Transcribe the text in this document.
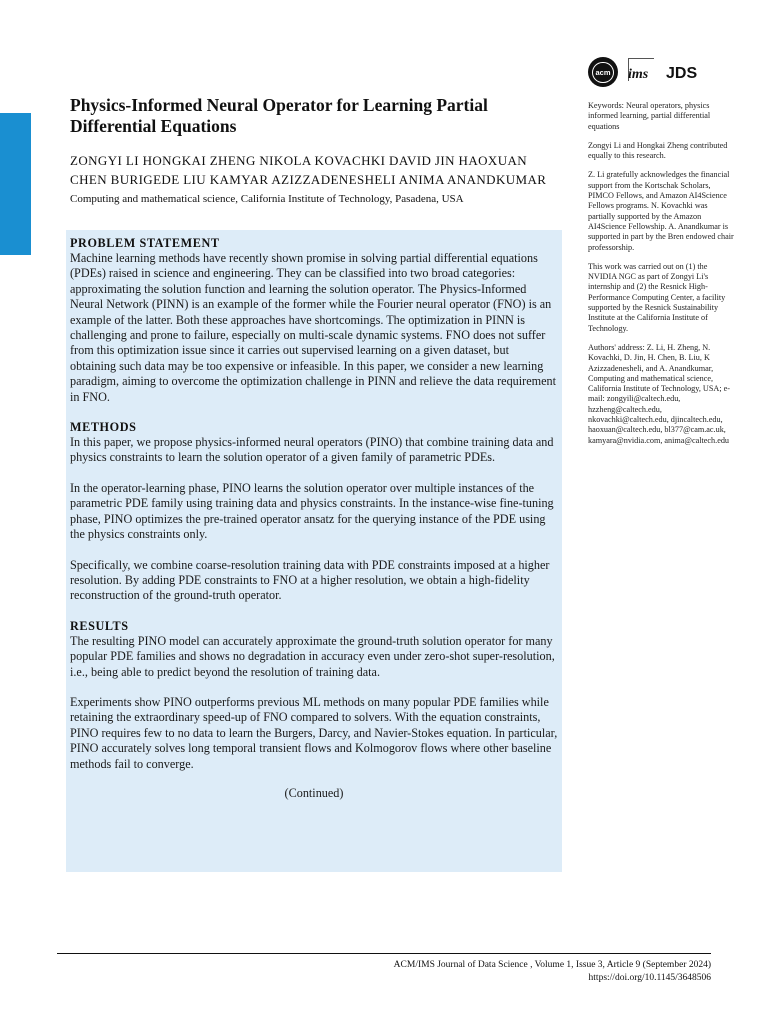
Rese
acm ims JDS
Physics-Informed Neural Operator for Learning Partial Differential Equations
ZONGYI LI HONGKAI ZHENG NIKOLA KOVACHKI DAVID JIN HAOXUAN CHEN BURIGEDE LIU KAMYAR AZIZZADENESHELI ANIMA ANANDKUMAR Computing and mathematical science, California Institute of Technology, Pasadena, USA

PROBLEM STATEMENT

Machine learning methods have recently shown promise in solving partial differential equations (PDEs) raised in science and engineering. They can be classified into two broad categories: approximating the solution function and learning the solution operator. The Physics-Informed Neural Network (PINN) is an example of the former while the Fourier neural operator (FNO) is an example of the latter. Both these approaches have shortcomings. The optimization in PINN is challenging and prone to failure, especially on multi-scale dynamic systems. FNO does not suffer from this optimization issue since it carries out supervised learning on a given dataset, but obtaining such data may be too expensive or infeasible. In this paper, we consider a new learning paradigm, aiming to overcome the optimization challenge in PINN and relieve the data requirement in FNO.

METHODS

In this paper, we propose physics-informed neural operators (PINO) that combine training data and physics constraints to learn the solution operator of a given family of parametric PDEs.

In the operator-learning phase, PINO learns the solution operator over multiple instances of the parametric PDE family using training data and physics constraints. In the instance-wise fine-tuning phase, PINO optimizes the pre-trained operator ansatz for the querying instance of the PDE using the physics constraints only.

Specifically, we combine coarse-resolution training data with PDE constraints imposed at a higher resolution. By adding PDE constraints to FNO at a higher resolution, we obtain a high-fidelity reconstruction of the ground-truth operator.

RESULTS

The resulting PINO model can accurately approximate the ground-truth solution operator for many popular PDE families and shows no degradation in accuracy even under zero-shot super-resolution, i.e., being able to predict beyond the resolution of training data.

Experiments show PINO outperforms previous ML methods on many popular PDE families while retaining the extraordinary speed-up of FNO compared to solvers. With the equation constraints, PINO requires few to no data to learn the Burgers, Darcy, and Navier-Stokes equation. In particular, PINO accurately solves long temporal transient flows and Kolmogorov flows where other baseline methods fail to converge.

(Continued)

Keywords: Neural operators, physics informed learning, partial differential equations

Zongyi Li and Hongkai Zheng contributed equally to this research.

Z. Li gratefully acknowledges the financial support from the Kortschak Scholars, PIMCO Fellows, and Amazon AI4Science Fellows programs. N. Kovachki was partially supported by the Amazon AI4Science Fellowship. A. Anandkumar is supported in part by the Bren endowed chair professorship.

This work was carried out on (1) the NVIDIA NGC as part of Zongyi Li's internship and (2) the Resnick High-Performance Computing Center, a facility supported by the Resnick Sustainability Institute at the California Institute of Technology.

Authors' address: Z. Li, H. Zheng, N. Kovachki, D. Jin, H. Chen, B. Liu, K Azizzadenesheli, and A. Anandkumar, Computing and mathematical science, California Institute of Technology, USA; e-mail: zongyili@caltech.edu, hzzheng@caltech.edu, nkovachki@caltech.edu, djincaltech.edu, haoxuan@caltech.edu, bl377@cam.ac.uk, kamyara@nvidia.com, anima@caltech.edu

ACM/IMS Journal of Data Science , Volume 1, Issue 3, Article 9 (September 2024)
https://doi.org/10.1145/3648506
